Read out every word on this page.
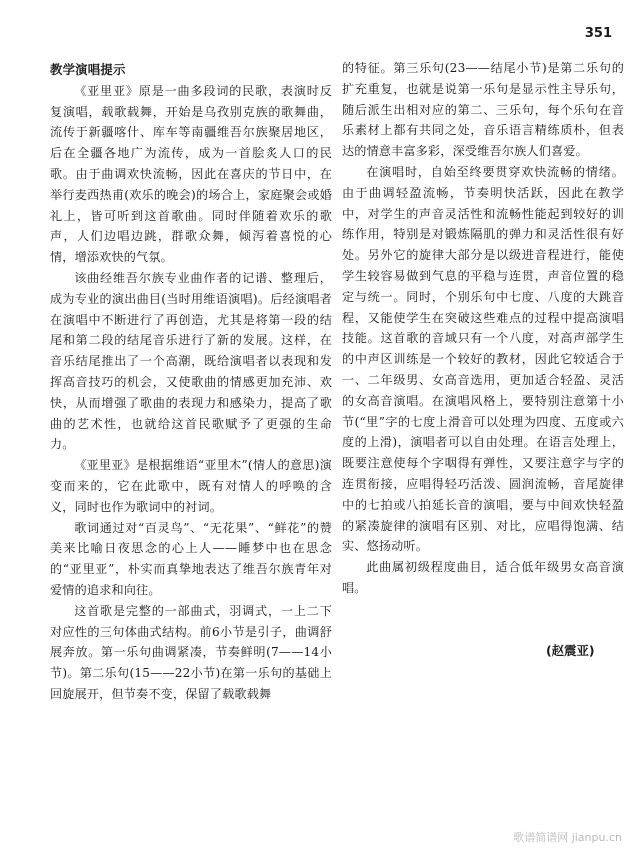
351

教学演唱提示

《亚里亚》原是一曲多段词的民歌，表演时反复演唱，载歌载舞，开始是乌孜别克族的歌舞曲，流传于新疆喀什、库车等南疆维吾尔族聚居地区，后在全疆各地广为流传，成为一首脍炙人口的民歌。由于曲调欢快流畅，因此在喜庆的节日中，在举行麦西热甫(欢乐的晚会)的场合上，家庭聚会或婚礼上，皆可听到这首歌曲。同时伴随着欢乐的歌声，人们边唱边跳，群歌众舞，倾泻着喜悦的心情，增添欢快的气氛。

该曲经维吾尔族专业曲作者的记谱、整理后，成为专业的演出曲目(当时用维语演唱)。后经演唱者在演唱中不断进行了再创造，尤其是将第一段的结尾和第二段的结尾音乐进行了新的发展。这样，在音乐结尾推出了一个高潮，既给演唱者以表现和发挥高音技巧的机会，又使歌曲的情感更加充沛、欢快，从而增强了歌曲的表现力和感染力，提高了歌曲的艺术性，也就给这首民歌赋予了更强的生命力。

《亚里亚》是根据维语“亚里木”(情人的意思)演变而来的，它在此歌中，既有对情人的呼唤的含义，同时也作为歌词中的衬词。

歌词通过对“百灵鸟”、“无花果”、“鲜花”的赞美来比喻日夜思念的心上人——睡梦中也在思念的“亚里亚”，朴实而真挚地表达了维吾尔族青年对爱情的追求和向往。

这首歌是完整的一部曲式，羽调式，一上二下对应性的三句体曲式结构。前6小节是引子，曲调舒展奔放。第一乐句曲调紧凑，节奏鲜明(7——14小节)。第二乐句(15——22小节)在第一乐句的基础上回旋展开，但节奏不变，保留了载歌载舞

的特征。第三乐句(23——结尾小节)是第二乐句的扩充重复，也就是说第一乐句是显示性主导乐句，随后派生出相对应的第二、三乐句，每个乐句在音乐素材上都有共同之处，音乐语言精练质朴，但表达的情意丰富多彩，深受维吾尔族人们喜爱。

在演唱时，自始至终要贯穿欢快流畅的情绪。由于曲调轻盈流畅，节奏明快活跃，因此在教学中，对学生的声音灵活性和流畅性能起到较好的训练作用，特别是对锻炼隔肌的弹力和灵活性很有好处。另外它的旋律大部分是以级进音程进行，能使学生较容易做到气息的平稳与连贯，声音位置的稳定与统一。同时，个别乐句中七度、八度的大跳音程，又能使学生在突破这些难点的过程中提高演唱技能。这首歌的音域只有一个八度，对高声部学生的中声区训练是一个较好的教材，因此它较适合于一、二年级男、女高音选用，更加适合轻盈、灵活的女高音演唱。在演唱风格上，要特别注意第十小节(“里”字的七度上滑音可以处理为四度、五度或六度的上滑)，演唱者可以自由处理。在语言处理上，既要注意使每个字咽得有弹性，又要注意字与字的连贯衔接，应唱得轻巧活泼、圆润流畅，音尾旋律中的七拍或八拍延长音的演唱，要与中间欢快轻盈的紧凑旋律的演唱有区别、对比，应唱得饱满、结实、悠扬动听。

此曲属初级程度曲目，适合低年级男女高音演唱。

(赵震亚)

歌谱简谱网 jianpu.cn
